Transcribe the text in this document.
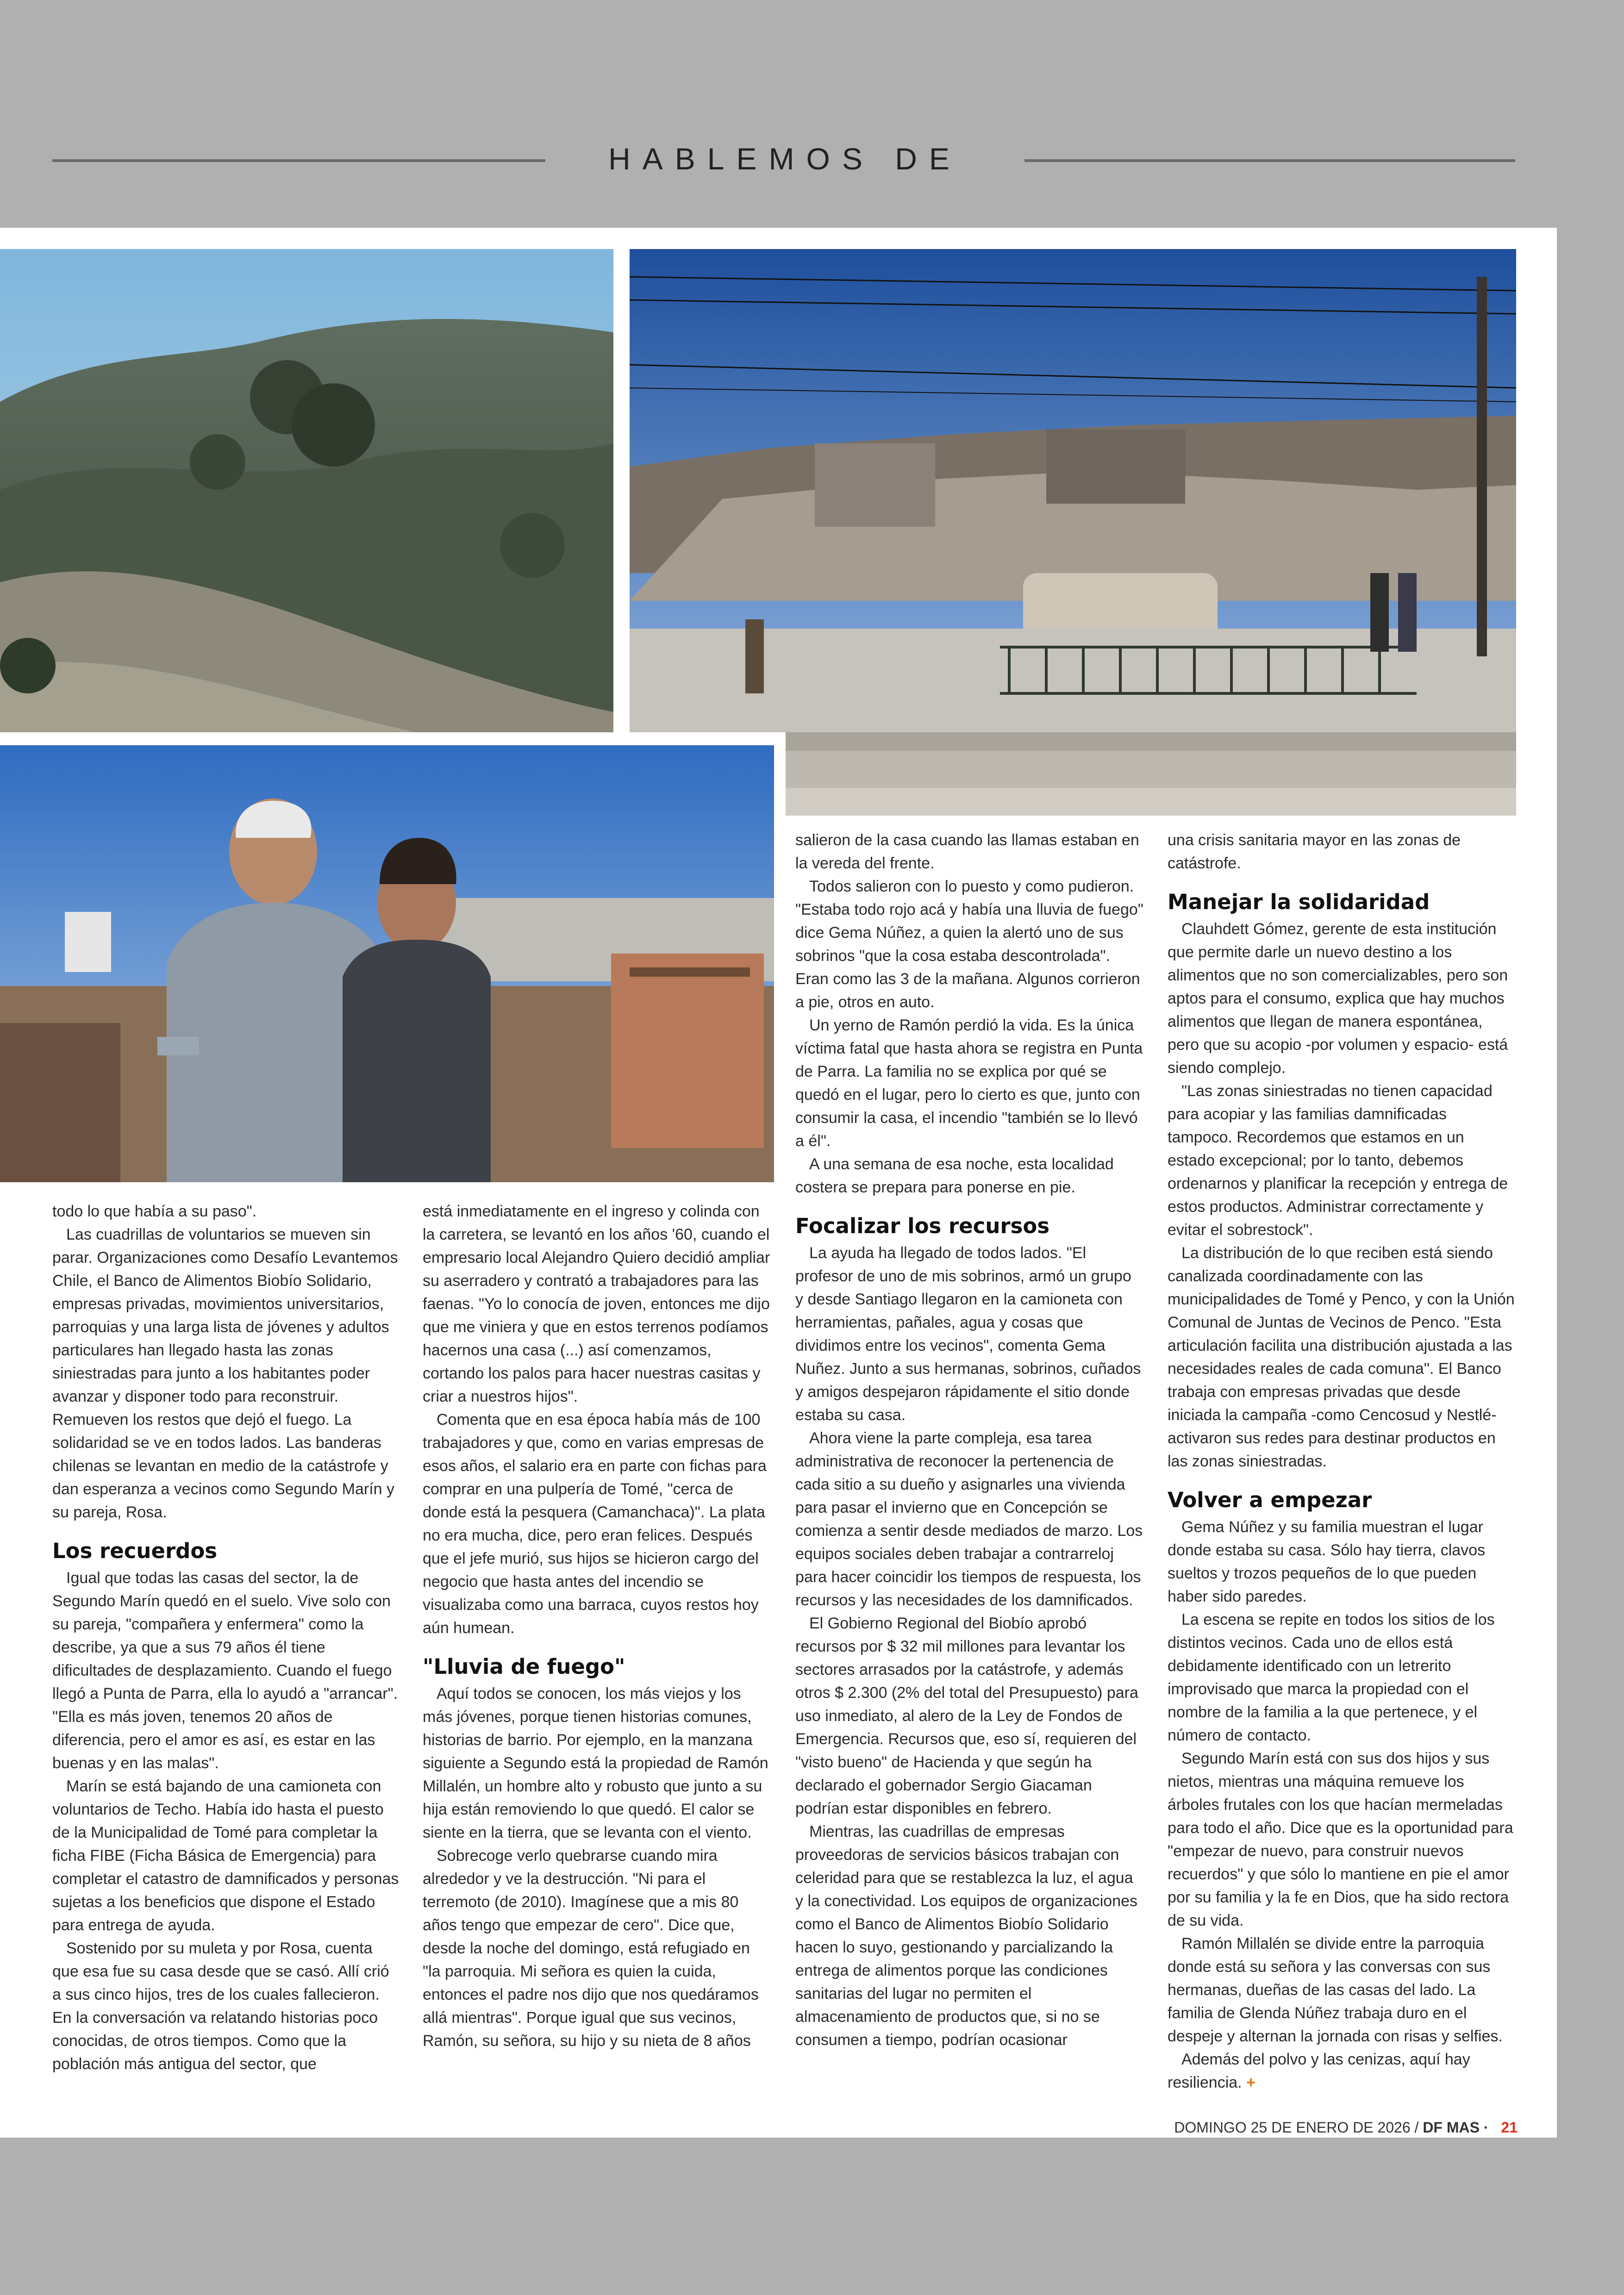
HABLEMOS DE

todo lo que había a su paso".

Las cuadrillas de voluntarios se mueven sin parar. Organizaciones como Desafío Levantemos Chile, el Banco de Alimentos Biobío Solidario, empresas privadas, movimientos universitarios, parroquias y una larga lista de jóvenes y adultos particulares han llegado hasta las zonas siniestradas para junto a los habitantes poder avanzar y disponer todo para reconstruir. Remueven los restos que dejó el fuego. La solidaridad se ve en todos lados. Las banderas chilenas se levantan en medio de la catástrofe y dan esperanza a vecinos como Segundo Marín y su pareja, Rosa.

Los recuerdos

Igual que todas las casas del sector, la de Segundo Marín quedó en el suelo. Vive solo con su pareja, "compañera y enfermera" como la describe, ya que a sus 79 años él tiene dificultades de desplazamiento. Cuando el fuego llegó a Punta de Parra, ella lo ayudó a "arrancar". "Ella es más joven, tenemos 20 años de diferencia, pero el amor es así, es estar en las buenas y en las malas".

Marín se está bajando de una camioneta con voluntarios de Techo. Había ido hasta el puesto de la Municipalidad de Tomé para completar la ficha FIBE (Ficha Básica de Emergencia) para completar el catastro de damnificados y personas sujetas a los beneficios que dispone el Estado para entrega de ayuda.

Sostenido por su muleta y por Rosa, cuenta que esa fue su casa desde que se casó. Allí crió a sus cinco hijos, tres de los cuales fallecieron. En la conversación va relatando historias poco conocidas, de otros tiempos. Como que la población más antigua del sector, que

está inmediatamente en el ingreso y colinda con la carretera, se levantó en los años '60, cuando el empresario local Alejandro Quiero decidió ampliar su aserradero y contrató a trabajadores para las faenas. "Yo lo conocía de joven, entonces me dijo que me viniera y que en estos terrenos podíamos hacernos una casa (...) así comenzamos, cortando los palos para hacer nuestras casitas y criar a nuestros hijos".

Comenta que en esa época había más de 100 trabajadores y que, como en varias empresas de esos años, el salario era en parte con fichas para comprar en una pulpería de Tomé, "cerca de donde está la pesquera (Camanchaca)". La plata no era mucha, dice, pero eran felices. Después que el jefe murió, sus hijos se hicieron cargo del negocio que hasta antes del incendio se visualizaba como una barraca, cuyos restos hoy aún humean.

"Lluvia de fuego"

Aquí todos se conocen, los más viejos y los más jóvenes, porque tienen historias comunes, historias de barrio. Por ejemplo, en la manzana siguiente a Segundo está la propiedad de Ramón Millalén, un hombre alto y robusto que junto a su hija están removiendo lo que quedó. El calor se siente en la tierra, que se levanta con el viento.

Sobrecoge verlo quebrarse cuando mira alrededor y ve la destrucción. "Ni para el terremoto (de 2010). Imagínese que a mis 80 años tengo que empezar de cero". Dice que, desde la noche del domingo, está refugiado en "la parroquia. Mi señora es quien la cuida, entonces el padre nos dijo que nos quedáramos allá mientras". Porque igual que sus vecinos, Ramón, su señora, su hijo y su nieta de 8 años

salieron de la casa cuando las llamas estaban en la vereda del frente.

Todos salieron con lo puesto y como pudieron. "Estaba todo rojo acá y había una lluvia de fuego" dice Gema Núñez, a quien la alertó uno de sus sobrinos "que la cosa estaba descontrolada". Eran como las 3 de la mañana. Algunos corrieron a pie, otros en auto.

Un yerno de Ramón perdió la vida. Es la única víctima fatal que hasta ahora se registra en Punta de Parra. La familia no se explica por qué se quedó en el lugar, pero lo cierto es que, junto con consumir la casa, el incendio "también se lo llevó a él".

A una semana de esa noche, esta localidad costera se prepara para ponerse en pie.

Focalizar los recursos

La ayuda ha llegado de todos lados. "El profesor de uno de mis sobrinos, armó un grupo y desde Santiago llegaron en la camioneta con herramientas, pañales, agua y cosas que dividimos entre los vecinos", comenta Gema Nuñez. Junto a sus hermanas, sobrinos, cuñados y amigos despejaron rápidamente el sitio donde estaba su casa.

Ahora viene la parte compleja, esa tarea administrativa de reconocer la pertenencia de cada sitio a su dueño y asignarles una vivienda para pasar el invierno que en Concepción se comienza a sentir desde mediados de marzo. Los equipos sociales deben trabajar a contrarreloj para hacer coincidir los tiempos de respuesta, los recursos y las necesidades de los damnificados.

El Gobierno Regional del Biobío aprobó recursos por $ 32 mil millones para levantar los sectores arrasados por la catástrofe, y además otros $ 2.300 (2% del total del Presupuesto) para uso inmediato, al alero de la Ley de Fondos de Emergencia. Recursos que, eso sí, requieren del "visto bueno" de Hacienda y que según ha declarado el gobernador Sergio Giacaman podrían estar disponibles en febrero.

Mientras, las cuadrillas de empresas proveedoras de servicios básicos trabajan con celeridad para que se restablezca la luz, el agua y la conectividad. Los equipos de organizaciones como el Banco de Alimentos Biobío Solidario hacen lo suyo, gestionando y parcializando la entrega de alimentos porque las condiciones sanitarias del lugar no permiten el almacenamiento de productos que, si no se consumen a tiempo, podrían ocasionar

una crisis sanitaria mayor en las zonas de catástrofe.

Manejar la solidaridad

Clauhdett Gómez, gerente de esta institución que permite darle un nuevo destino a los alimentos que no son comercializables, pero son aptos para el consumo, explica que hay muchos alimentos que llegan de manera espontánea, pero que su acopio -por volumen y espacio- está siendo complejo.

"Las zonas siniestradas no tienen capacidad para acopiar y las familias damnificadas tampoco. Recordemos que estamos en un estado excepcional; por lo tanto, debemos ordenarnos y planificar la recepción y entrega de estos productos. Administrar correctamente y evitar el sobrestock".

La distribución de lo que reciben está siendo canalizada coordinadamente con las municipalidades de Tomé y Penco, y con la Unión Comunal de Juntas de Vecinos de Penco. "Esta articulación facilita una distribución ajustada a las necesidades reales de cada comuna". El Banco trabaja con empresas privadas que desde iniciada la campaña -como Cencosud y Nestlé- activaron sus redes para destinar productos en las zonas siniestradas.

Volver a empezar

Gema Núñez y su familia muestran el lugar donde estaba su casa. Sólo hay tierra, clavos sueltos y trozos pequeños de lo que pueden haber sido paredes.

La escena se repite en todos los sitios de los distintos vecinos. Cada uno de ellos está debidamente identificado con un letrerito improvisado que marca la propiedad con el nombre de la familia a la que pertenece, y el número de contacto.

Segundo Marín está con sus dos hijos y sus nietos, mientras una máquina remueve los árboles frutales con los que hacían mermeladas para todo el año. Dice que es la oportunidad para "empezar de nuevo, para construir nuevos recuerdos" y que sólo lo mantiene en pie el amor por su familia y la fe en Dios, que ha sido rectora de su vida.

Ramón Millalén se divide entre la parroquia donde está su señora y las conversas con sus hermanas, dueñas de las casas del lado. La familia de Glenda Núñez trabaja duro en el despeje y alternan la jornada con risas y selfies.

Además del polvo y las cenizas, aquí hay resiliencia. +

DOMINGO 25 DE ENERO DE 2026 / DF MAS · 21
